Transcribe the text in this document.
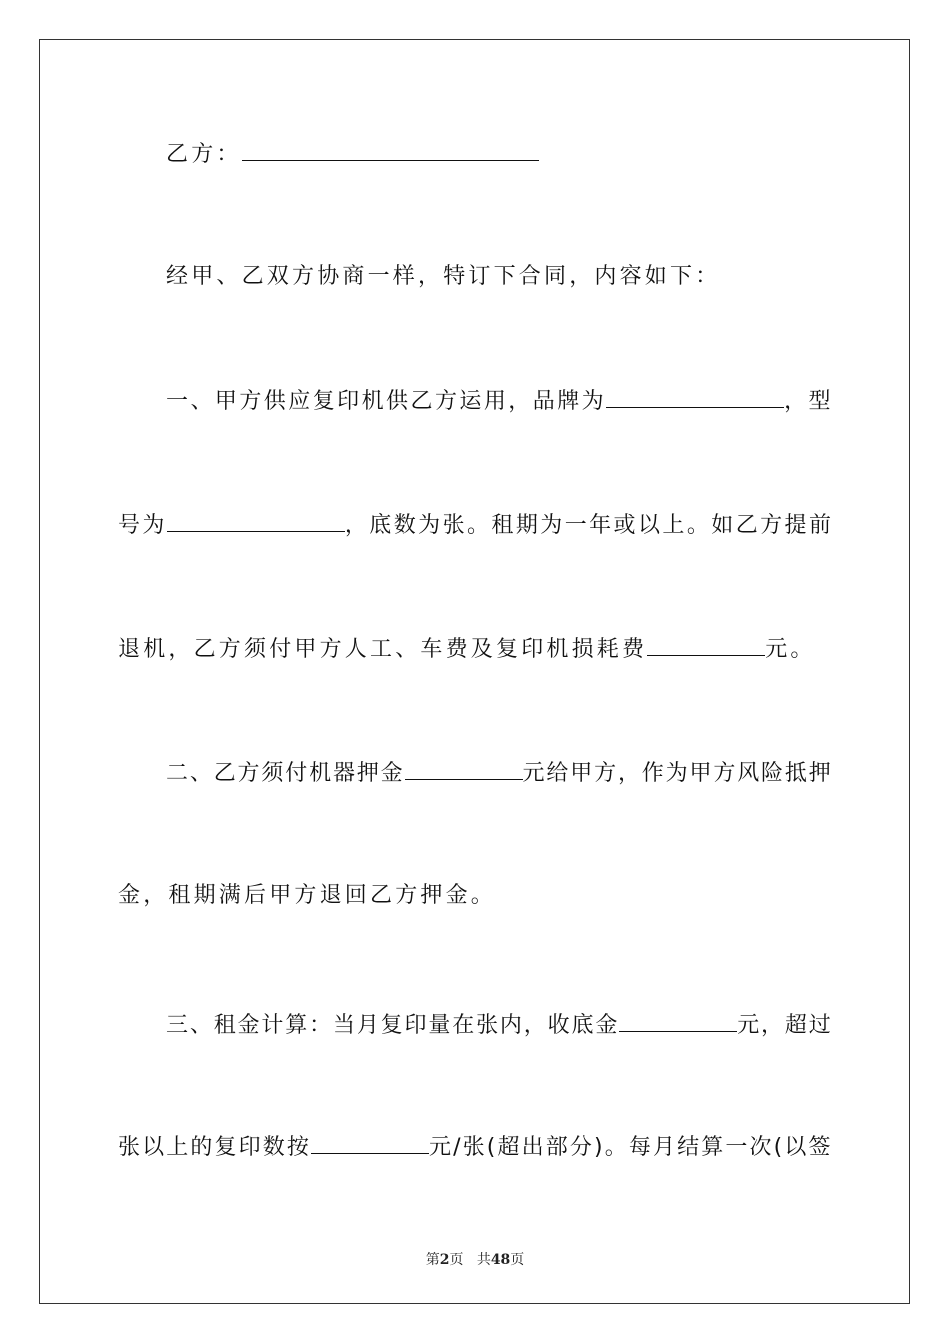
乙方：
经甲、乙双方协商一样，特订下合同，内容如下：
一、甲方供应复印机供乙方运用，品牌为	，型
号为	，底数为张。租期为一年或以上。如乙方提前
退机，乙方须付甲方人工、车费及复印机损耗费	元。
二、乙方须付机器押金	元给甲方，作为甲方风险抵押
金，租期满后甲方退回乙方押金。
三、租金计算：当月复印量在张内，收底金	元，超过
张以上的复印数按	元/张(超出部分)。每月结算一次(以签
第2页 共48页
